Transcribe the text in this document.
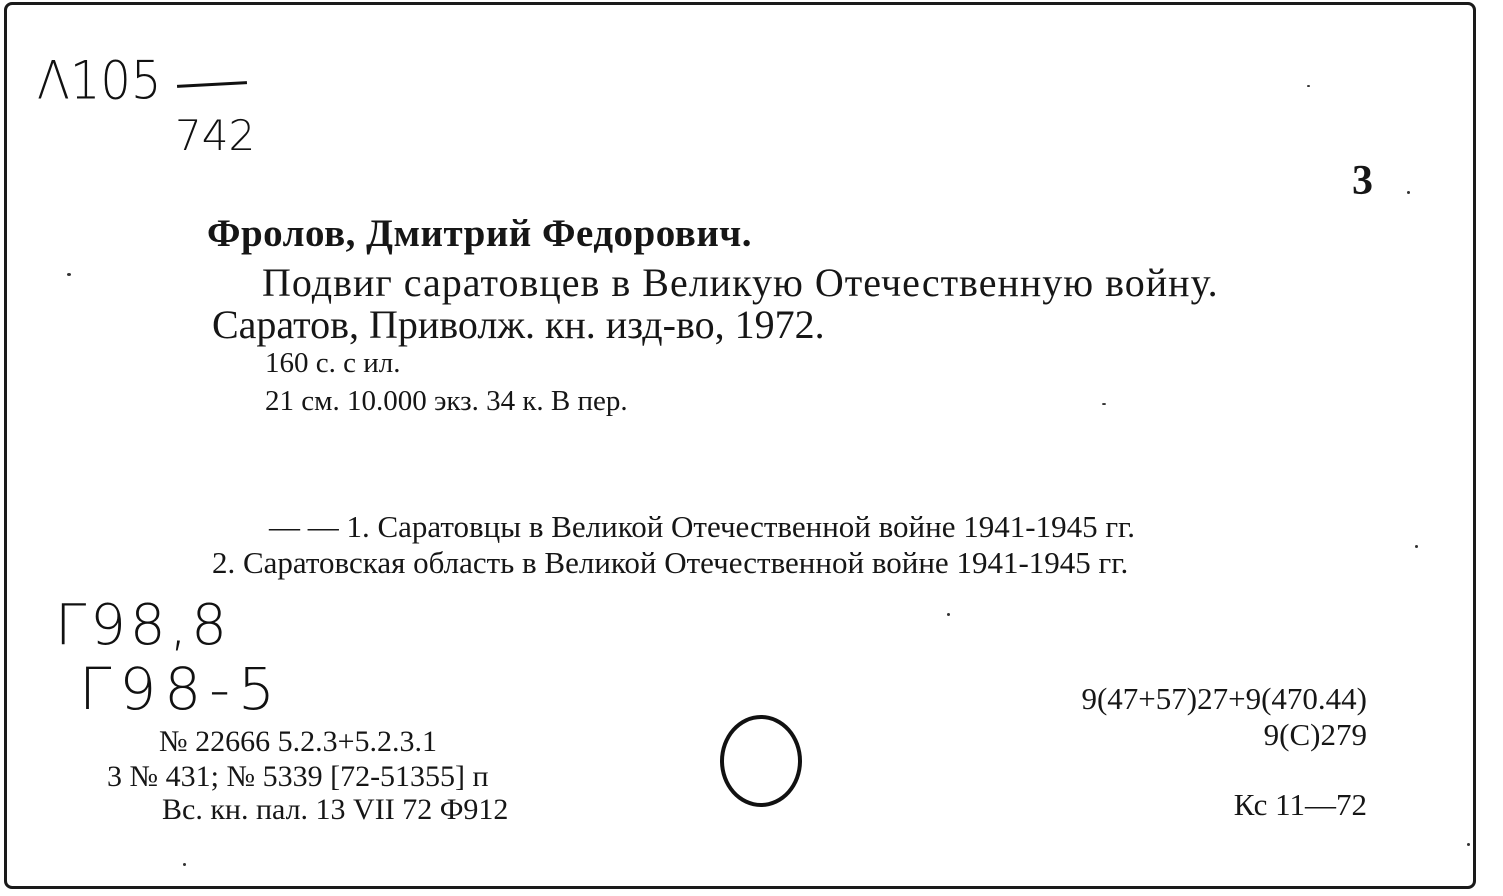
Λ105
742
3
Фролов, Дмитрий Федорович.
Подвиг саратовцев в Великую Отечественную войну.
Саратов, Приволж. кн. изд-во, 1972.
160 с. с ил.
21 см. 10.000 экз. 34 к. В пер.
— — 1. Саратовцы в Великой Отечественной войне 1941-1945 гг.
2. Саратовская область в Великой Отечественной войне 1941-1945 гг.
Г98,8
Г98-5
№ 22666 5.2.3+5.2.3.1
3 № 431; № 5339 [72-51355] п
Вс. кн. пал. 13 VII 72 Ф912
9(47+57)27+9(470.44)
9(С)279
Кс 11—72
